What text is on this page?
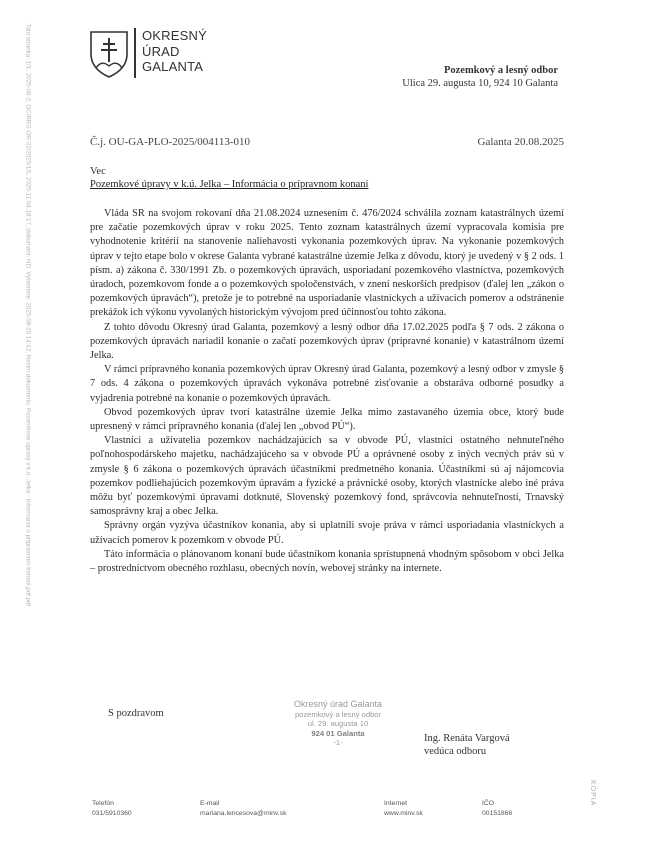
Tato stranka: 1/1, 2025-08-2, OC/RRS-OR-32/2025/1S, 2025-11.04.18:17, dokument: ND, Vytvorene: 2025-08-20 14:42, Rezim dokumentu: Pozemkove upravy v k.u. Jelka - Informacia o pripravnom konani.pdf.pdf	OKRESNÝ
ÚRAD
GALANTA	Pozemkový a lesný odbor
Ulica 29. augusta 10, 924 10 Galanta
Č.j. OU-GA-PLO-2025/004113-010	Galanta 20.08.2025
Vec
Pozemkové úpravy v k.ú. Jelka – Informácia o prípravnom konaní

Vláda SR na svojom rokovaní dňa 21.08.2024 uznesením č. 476/2024 schválila zoznam katastrálnych území pre začatie pozemkových úprav v roku 2025. Tento zoznam katastrálnych území vypracovala komisia pre vyhodnotenie kritérií na stanovenie naliehavosti vykonania pozemkových úprav. Na vykonanie pozemkových úprav v tejto etape bolo v okrese Galanta vybrané katastrálne územie Jelka z dôvodu, ktorý je uvedený v § 2 ods. 1 písm. a) zákona č. 330/1991 Zb. o pozemkových úpravách, usporiadaní pozemkového vlastníctva, pozemkových úradoch, pozemkovom fonde a o pozemkových spoločenstvách, v znení neskorších predpisov (ďalej len „zákon o pozemkových úpravách“), pretože je to potrebné na usporiadanie vlastníckych a užívacích pomerov a odstránenie prekážok ich výkonu vyvolaných historickým vývojom pred účinnosťou tohto zákona.

Z tohto dôvodu Okresný úrad Galanta, pozemkový a lesný odbor dňa 17.02.2025 podľa § 7 ods. 2 zákona o pozemkových úpravách nariadil konanie o začatí pozemkových úprav (prípravné konanie) v katastrálnom území Jelka.

V rámci prípravného konania pozemkových úprav Okresný úrad Galanta, pozemkový a lesný odbor v zmysle § 7 ods. 4 zákona o pozemkových úpravách vykonáva potrebné zisťovanie a obstaráva odborné posudky a vyjadrenia potrebné na konanie o pozemkových úpravách.

Obvod pozemkových úprav tvorí katastrálne územie Jelka mimo zastavaného územia obce, ktorý bude upresnený v rámci prípravného konania (ďalej len „obvod PÚ“).

Vlastníci a užívatelia pozemkov nachádzajúcich sa v obvode PÚ, vlastníci ostatného nehnuteľného poľnohospodárskeho majetku, nachádzajúceho sa v obvode PÚ a oprávnené osoby z iných vecných práv sú v zmysle § 6 zákona o pozemkových úpravách účastníkmi predmetného konania. Účastníkmi sú aj nájomcovia pozemkov podliehajúcich pozemkovým úpravám a fyzické a právnické osoby, ktorých vlastnícke alebo iné práva môžu byť pozemkovými úpravami dotknuté, Slovenský pozemkový fond, správcovia nehnuteľností, Trnavský samosprávny kraj a obec Jelka.

Správny orgán vyzýva účastníkov konania, aby si uplatnili svoje práva v rámci usporiadania vlastníckych a užívacích pomerov k pozemkom v obvode PÚ.

Táto informácia o plánovanom konaní bude účastníkom konania sprístupnená vhodným spôsobom v obci Jelka – prostredníctvom obecného rozhlasu, obecných novín, webovej stránky na internete.

S pozdravom
Okresný úrad Galanta
pozemkový a lesný odbor
ul. 29. augusta 10
924 01 Galanta
-1-	Ing. Renáta Vargová
vedúca odboru
KÓPIA
Telefón
031/5910360
E-mail
mariana.lencesova@minv.sk
Internet
www.minv.sk
IČO
00151866
